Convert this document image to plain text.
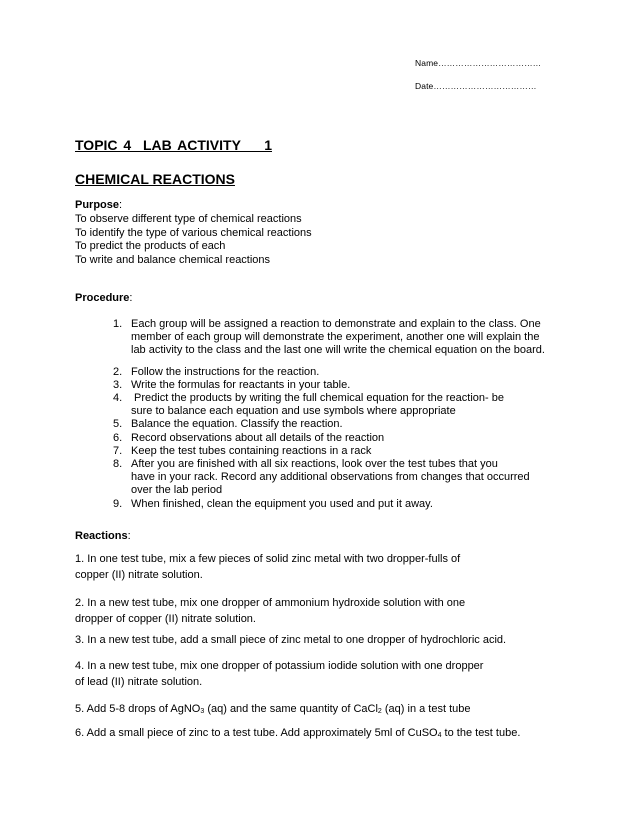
Name………………………………
Date………………………………
TOPIC 4  LAB ACTIVITY    1
CHEMICAL REACTIONS
Purpose:
To observe different type of chemical reactions
To identify the type of various chemical reactions
To predict the products of each
To write and balance chemical reactions
Procedure:
1. Each group will be assigned a reaction to demonstrate and explain to the class. One
member of each group will demonstrate the experiment, another one will explain the
lab activity to the class and the last one will write the chemical equation on the board.
2. Follow the instructions for the reaction.
3. Write the formulas for reactants in your table.
4. Predict the products by writing the full chemical equation for the reaction- be
sure to balance each equation and use symbols where appropriate
5. Balance the equation. Classify the reaction.
6. Record observations about all details of the reaction
7. Keep the test tubes containing reactions in a rack
8. After you are finished with all six reactions, look over the test tubes that you
have in your rack. Record any additional observations from changes that occurred
over the lab period
9. When finished, clean the equipment you used and put it away.
Reactions:
1. In one test tube, mix a few pieces of solid zinc metal with two dropper-fulls of
copper (II) nitrate solution.
2. In a new test tube, mix one dropper of ammonium hydroxide solution with one
dropper of copper (II) nitrate solution.
3. In a new test tube, add a small piece of zinc metal to one dropper of hydrochloric acid.
4. In a new test tube, mix one dropper of potassium iodide solution with one dropper
of lead (II) nitrate solution.
5. Add 5-8 drops of AgNO$_3$ (aq) and the same quantity of CaCl$_2$ (aq) in a test tube
6. Add a small piece of zinc to a test tube. Add approximately 5ml of CuSO$_4$ to the test tube.
